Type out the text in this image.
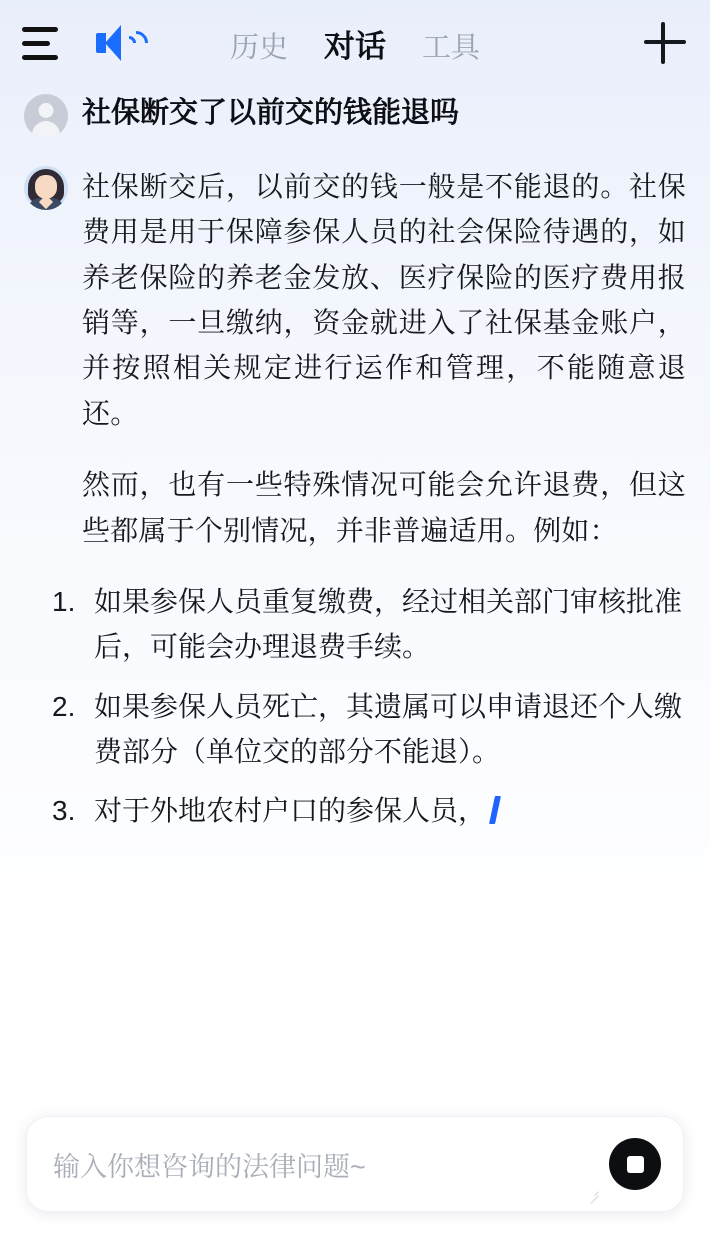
历史 对话 工具
社保断交了以前交的钱能退吗

社保断交后，以前交的钱一般是不能退的。社保费用是用于保障参保人员的社会保险待遇的，如养老保险的养老金发放、医疗保险的医疗费用报销等，一旦缴纳，资金就进入了社保基金账户，并按照相关规定进行运作和管理，不能随意退还。

然而，也有一些特殊情况可能会允许退费，但这些都属于个别情况，并非普遍适用。例如：

如果参保人员重复缴费，经过相关部门审核批准后，可能会办理退费手续。
如果参保人员死亡，其遗属可以申请退还个人缴费部分（单位交的部分不能退）。
对于外地农村户口的参保人员，
输入你想咨询的法律问题~
